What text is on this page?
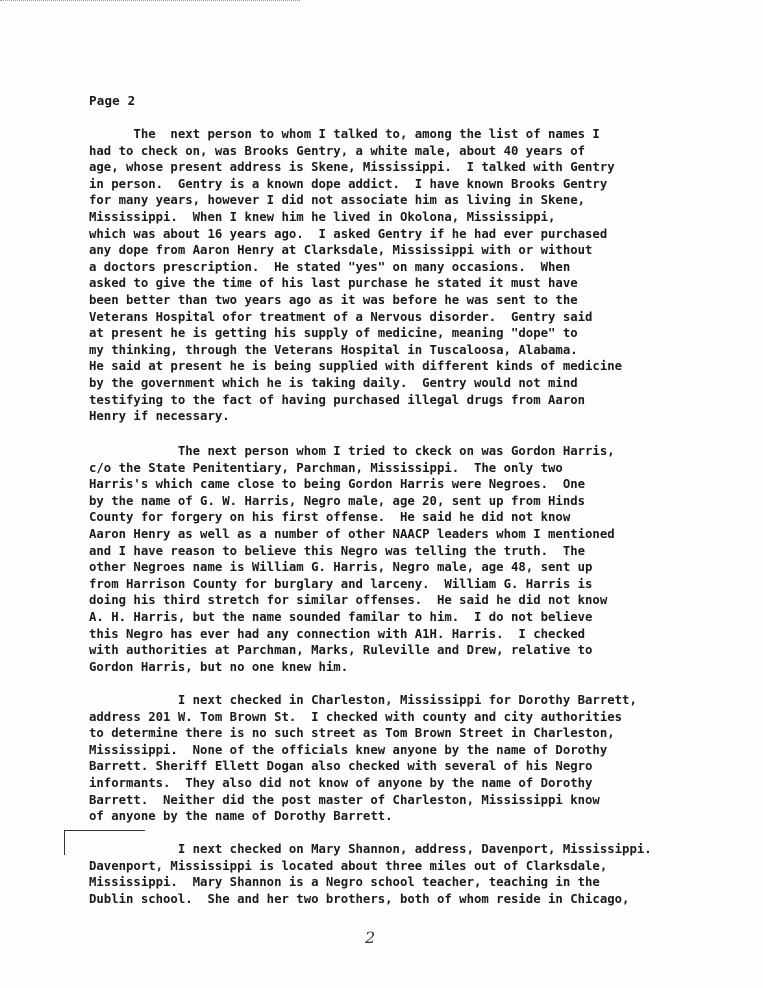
Page 2
The  next person to whom I talked to, among the list of names I
had to check on, was Brooks Gentry, a white male, about 40 years of
age, whose present address is Skene, Mississippi.  I talked with Gentry
in person.  Gentry is a known dope addict.  I have known Brooks Gentry
for many years, however I did not associate him as living in Skene,
Mississippi.  When I knew him he lived in Okolona, Mississippi,
which was about 16 years ago.  I asked Gentry if he had ever purchased
any dope from Aaron Henry at Clarksdale, Mississippi with or without
a doctors prescription.  He stated "yes" on many occasions.  When
asked to give the time of his last purchase he stated it must have
been better than two years ago as it was before he was sent to the
Veterans Hospital ofor treatment of a Nervous disorder.  Gentry said
at present he is getting his supply of medicine, meaning "dope" to
my thinking, through the Veterans Hospital in Tuscaloosa, Alabama.
He said at present he is being supplied with different kinds of medicine
by the government which he is taking daily.  Gentry would not mind
testifying to the fact of having purchased illegal drugs from Aaron
Henry if necessary.
The next person whom I tried to ckeck on was Gordon Harris,
c/o the State Penitentiary, Parchman, Mississippi.  The only two
Harris's which came close to being Gordon Harris were Negroes.  One
by the name of G. W. Harris, Negro male, age 20, sent up from Hinds
County for forgery on his first offense.  He said he did not know
Aaron Henry as well as a number of other NAACP leaders whom I mentioned
and I have reason to believe this Negro was telling the truth.  The
other Negroes name is William G. Harris, Negro male, age 48, sent up
from Harrison County for burglary and larceny.  William G. Harris is
doing his third stretch for similar offenses.  He said he did not know
A. H. Harris, but the name sounded familar to him.  I do not believe
this Negro has ever had any connection with A1H. Harris.  I checked
with authorities at Parchman, Marks, Ruleville and Drew, relative to
Gordon Harris, but no one knew him.
I next checked in Charleston, Mississippi for Dorothy Barrett,
address 201 W. Tom Brown St.  I checked with county and city authorities
to determine there is no such street as Tom Brown Street in Charleston,
Mississippi.  None of the officials knew anyone by the name of Dorothy
Barrett. Sheriff Ellett Dogan also checked with several of his Negro
informants.  They also did not know of anyone by the name of Dorothy
Barrett.  Neither did the post master of Charleston, Mississippi know
of anyone by the name of Dorothy Barrett.
I next checked on Mary Shannon, address, Davenport, Mississippi.
Davenport, Mississippi is located about three miles out of Clarksdale,
Mississippi.  Mary Shannon is a Negro school teacher, teaching in the
Dublin school.  She and her two brothers, both of whom reside in Chicago,
2
